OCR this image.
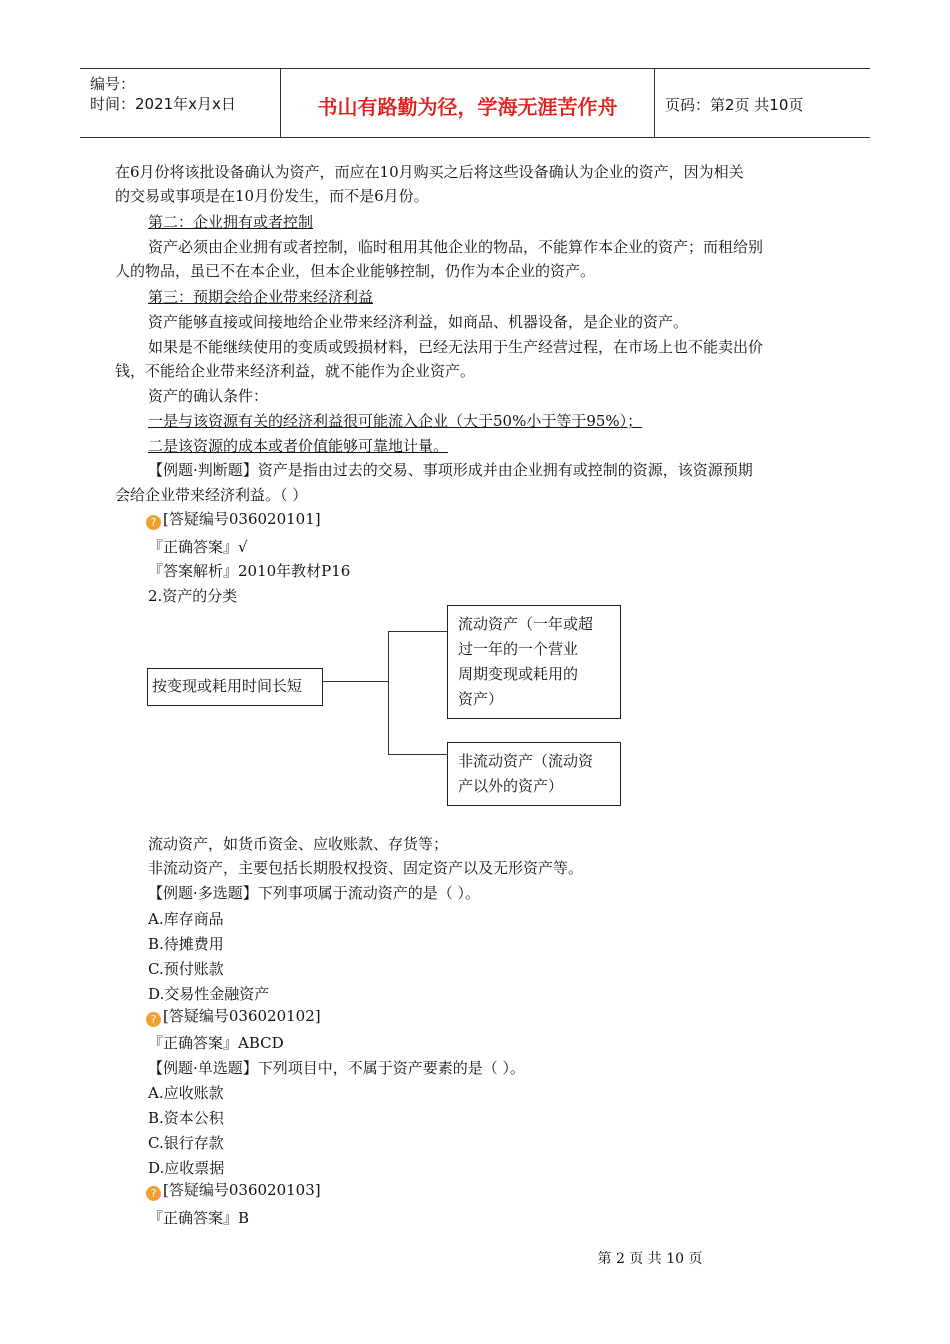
编号：
时间：2021年x月x日	书山有路勤为径，学海无涯苦作舟	页码：第2页 共10页
在6月份将该批设备确认为资产，而应在10月购买之后将这些设备确认为企业的资产，因为相关
的交易或事项是在10月份发生，而不是6月份。
第二：企业拥有或者控制
资产必须由企业拥有或者控制，临时租用其他企业的物品，不能算作本企业的资产；而租给别
人的物品，虽已不在本企业，但本企业能够控制，仍作为本企业的资产。
第三：预期会给企业带来经济利益
资产能够直接或间接地给企业带来经济利益，如商品、机器设备，是企业的资产。
如果是不能继续使用的变质或毁损材料，已经无法用于生产经营过程，在市场上也不能卖出价
钱，不能给企业带来经济利益，就不能作为企业资产。
资产的确认条件：
一是与该资源有关的经济利益很可能流入企业（大于50%小于等于95%）；
二是该资源的成本或者价值能够可靠地计量。
【例题·判断题】资产是指由过去的交易、事项形成并由企业拥有或控制的资源，该资源预期
会给企业带来经济利益。（ ）
? [答疑编号036020101]
『正确答案』√
『答案解析』2010年教材P16
2.资产的分类
按变现或耗用时间长短
流动资产（一年或超
过一年的一个营业
周期变现或耗用的
资产）
非流动资产（流动资
产以外的资产）
流动资产，如货币资金、应收账款、存货等；
非流动资产，主要包括长期股权投资、固定资产以及无形资产等。
【例题·多选题】下列事项属于流动资产的是（ ）。
A.库存商品
B.待摊费用
C.预付账款
D.交易性金融资产
? [答疑编号036020102]
『正确答案』ABCD
【例题·单选题】下列项目中，不属于资产要素的是（ ）。
A.应收账款
B.资本公积
C.银行存款
D.应收票据
? [答疑编号036020103]
『正确答案』B
第 2 页 共 10 页
